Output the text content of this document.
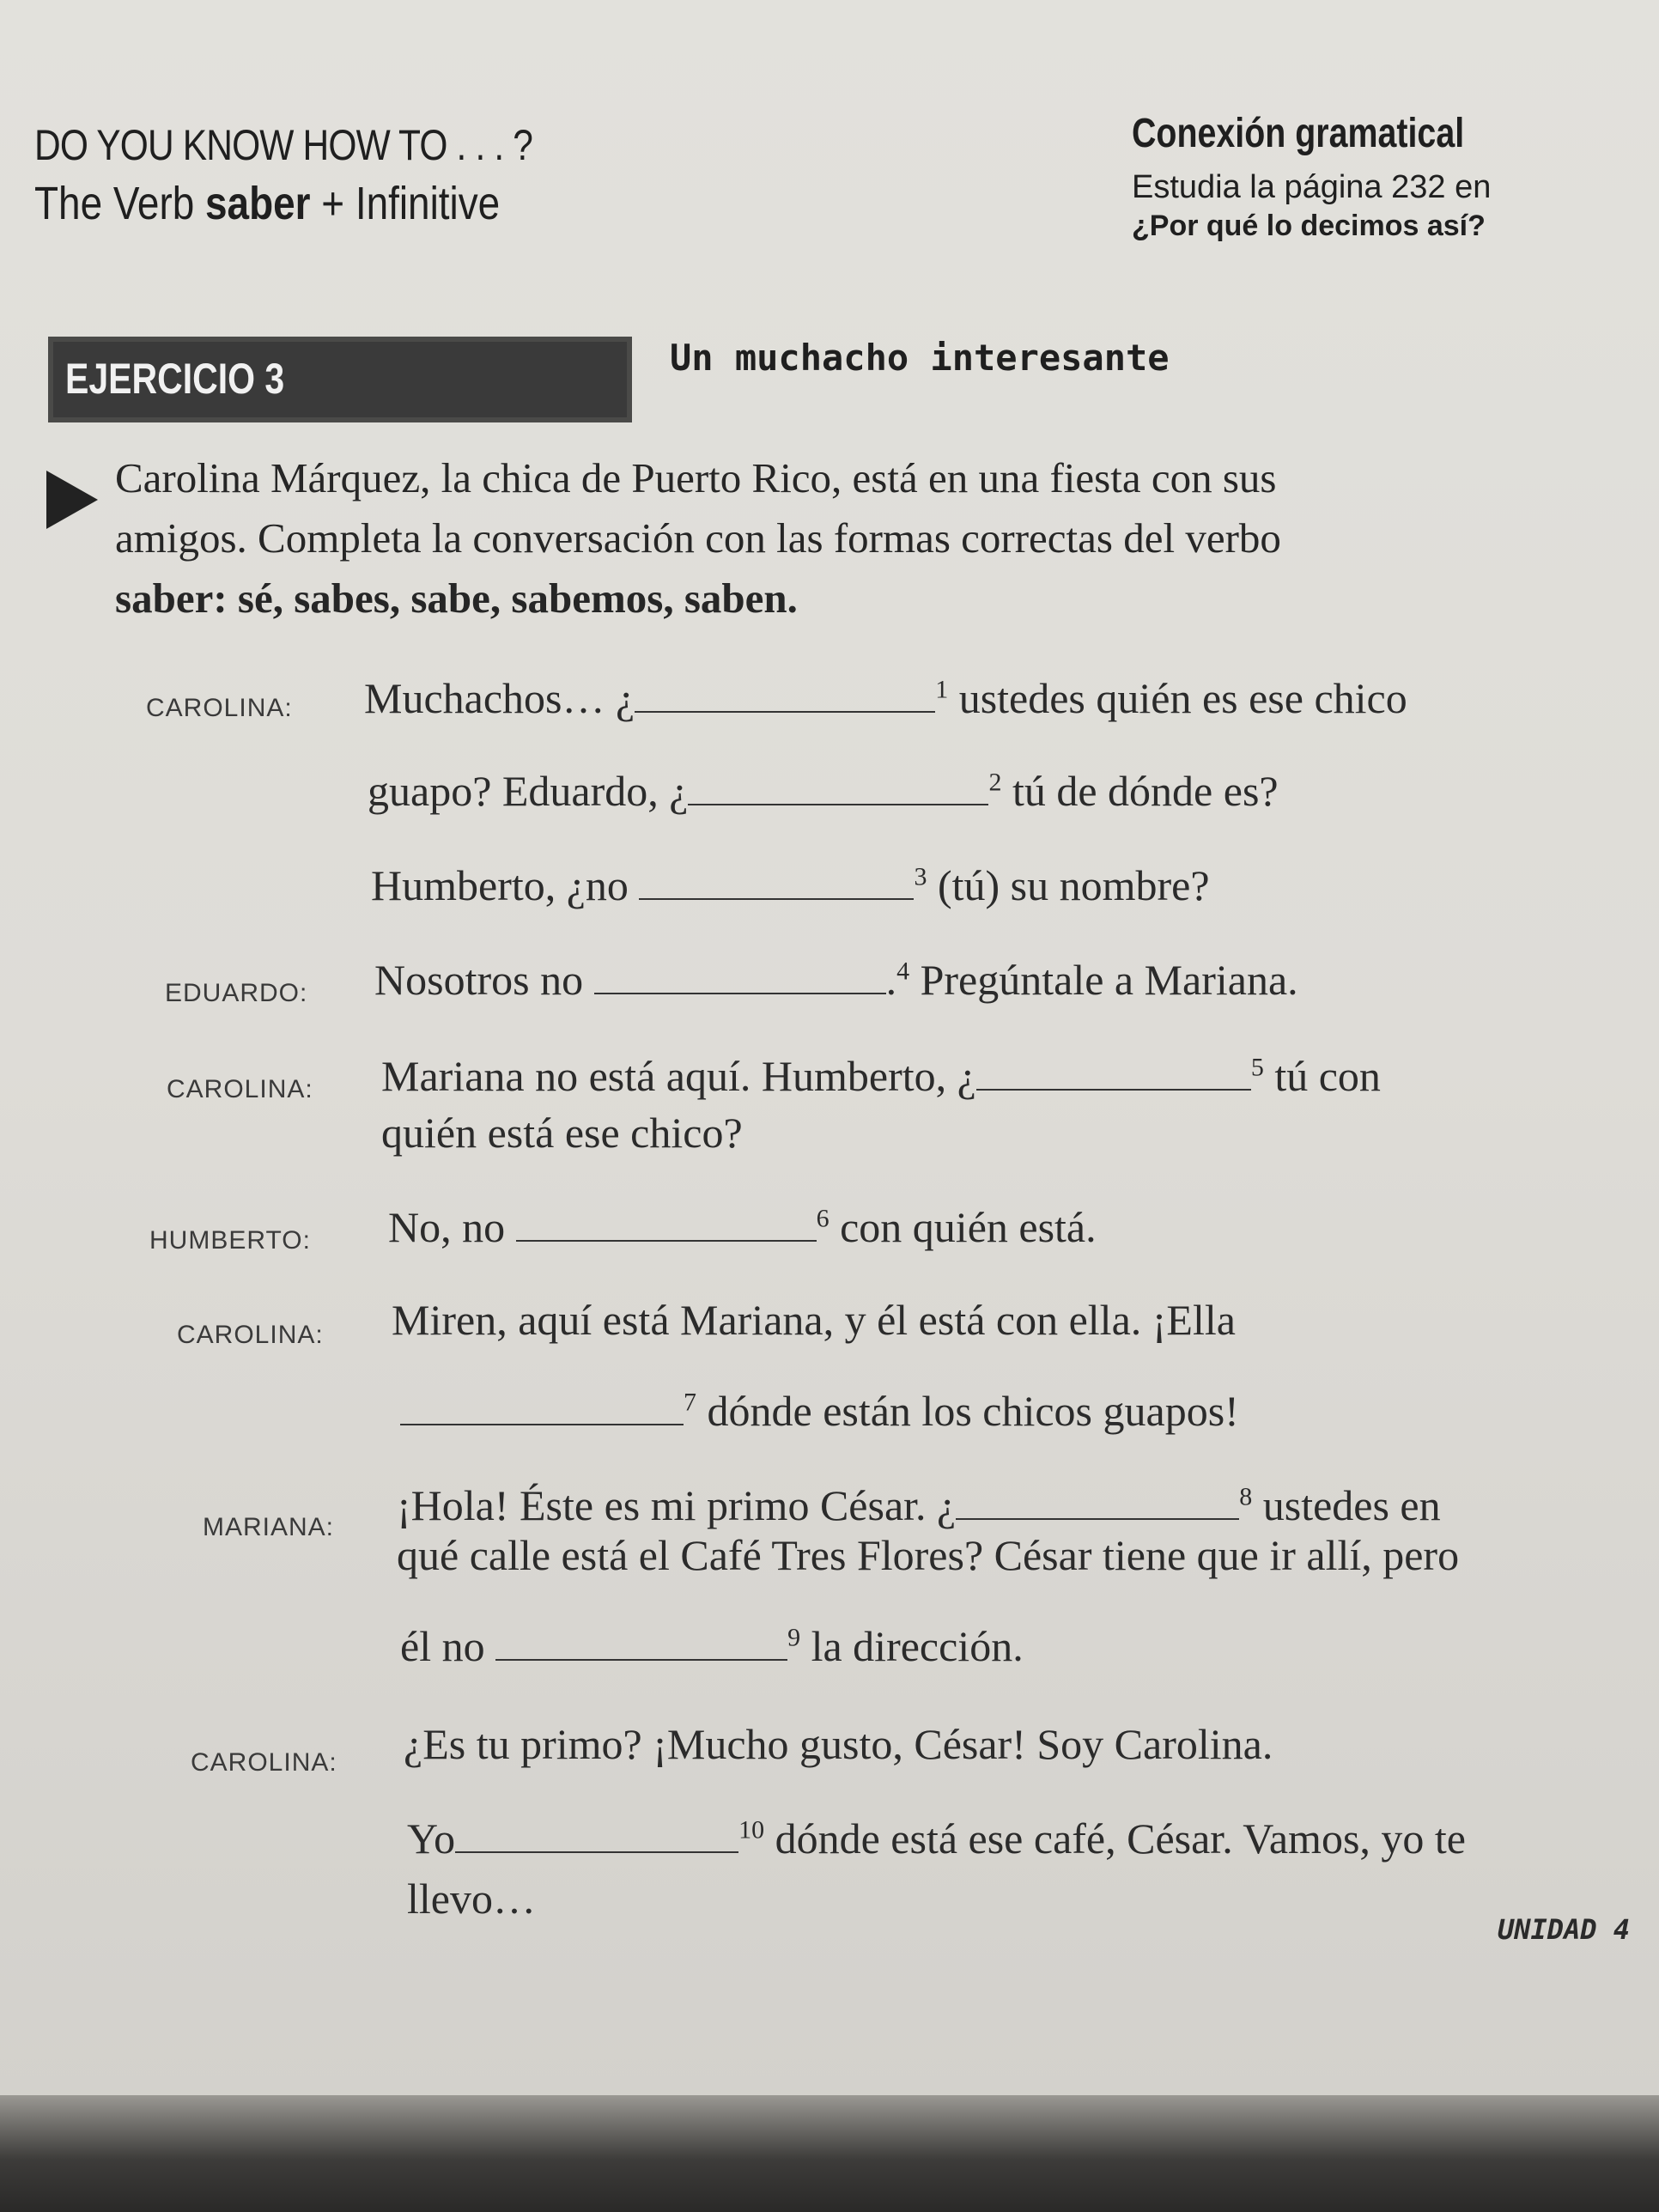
DO YOU KNOW HOW TO . . . ?
The Verb saber + Infinitive
Conexión gramatical
Estudia la página 232 en
¿Por qué lo decimos así?
EJERCICIO 3	Un muchacho interesante
Carolina Márquez, la chica de Puerto Rico, está en una fiesta con sus
amigos. Completa la conversación con las formas correctas del verbo
saber: sé, sabes, sabe, sabemos, saben.
CAROLINA: Muchachos… ¿	$^1$ ustedes quién es ese chico
guapo? Eduardo, ¿	$^2$ tú de dónde es?
Humberto, ¿no	$^3$ (tú) su nombre?
EDUARDO: Nosotros no	.$^4$ Pregúntale a Mariana.
CAROLINA: Mariana no está aquí. Humberto, ¿	$^5$ tú con
quién está ese chico?
HUMBERTO: No, no	$^6$ con quién está.
CAROLINA: Miren, aquí está Mariana, y él está con ella. ¡Ella
$^7$ dónde están los chicos guapos!
MARIANA: ¡Hola! Éste es mi primo César. ¿	$^8$ ustedes en
qué calle está el Café Tres Flores? César tiene que ir allí, pero
él no	$^9$ la dirección.
CAROLINA: ¿Es tu primo? ¡Mucho gusto, César! Soy Carolina.
Yo	$^{10}$ dónde está ese café, César. Vamos, yo te
llevo…
UNIDAD 4
